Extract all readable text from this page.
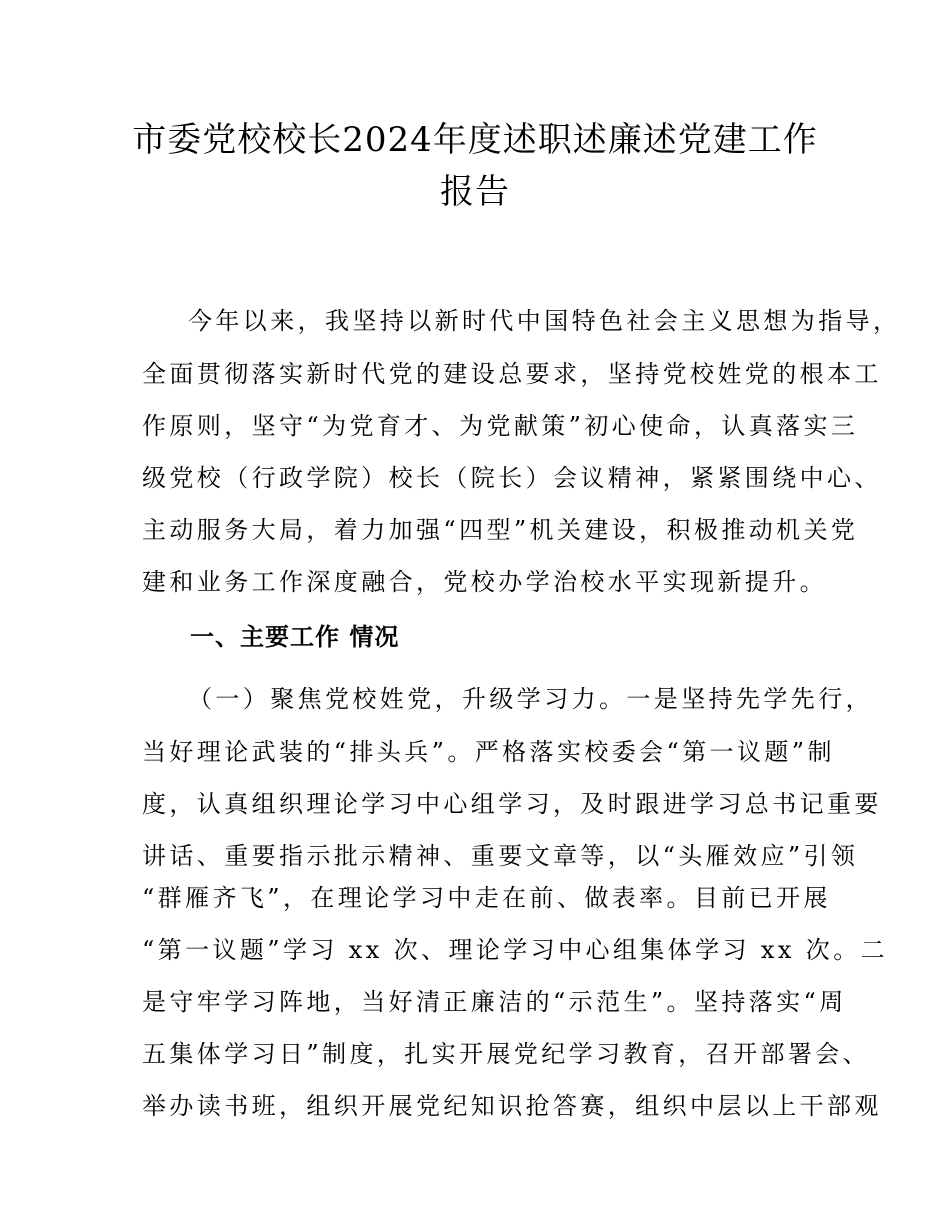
市委党校校长2024年度述职述廉述党建工作
报告
今年以来，我坚持以新时代中国特色社会主义思想为指导，
全面贯彻落实新时代党的建设总要求，坚持党校姓党的根本工
作原则，坚守“为党育才、为党献策”初心使命，认真落实三
级党校（行政学院）校长（院长）会议精神，紧紧围绕中心、
主动服务大局，着力加强“四型”机关建设，积极推动机关党
建和业务工作深度融合，党校办学治校水平实现新提升。
一、主要工作 情况
（一）聚焦党校姓党，升级学习力。一是坚持先学先行，
当好理论武装的“排头兵”。严格落实校委会“第一议题”制
度，认真组织理论学习中心组学习，及时跟进学习总书记重要
讲话、重要指示批示精神、重要文章等，以“头雁效应”引领
“群雁齐飞”，在理论学习中走在前、做表率。目前已开展
“第一议题”学习 xx 次、理论学习中心组集体学习 xx 次。二
是守牢学习阵地，当好清正廉洁的“示范生”。坚持落实“周
五集体学习日”制度，扎实开展党纪学习教育，召开部署会、
举办读书班，组织开展党纪知识抢答赛，组织中层以上干部观
